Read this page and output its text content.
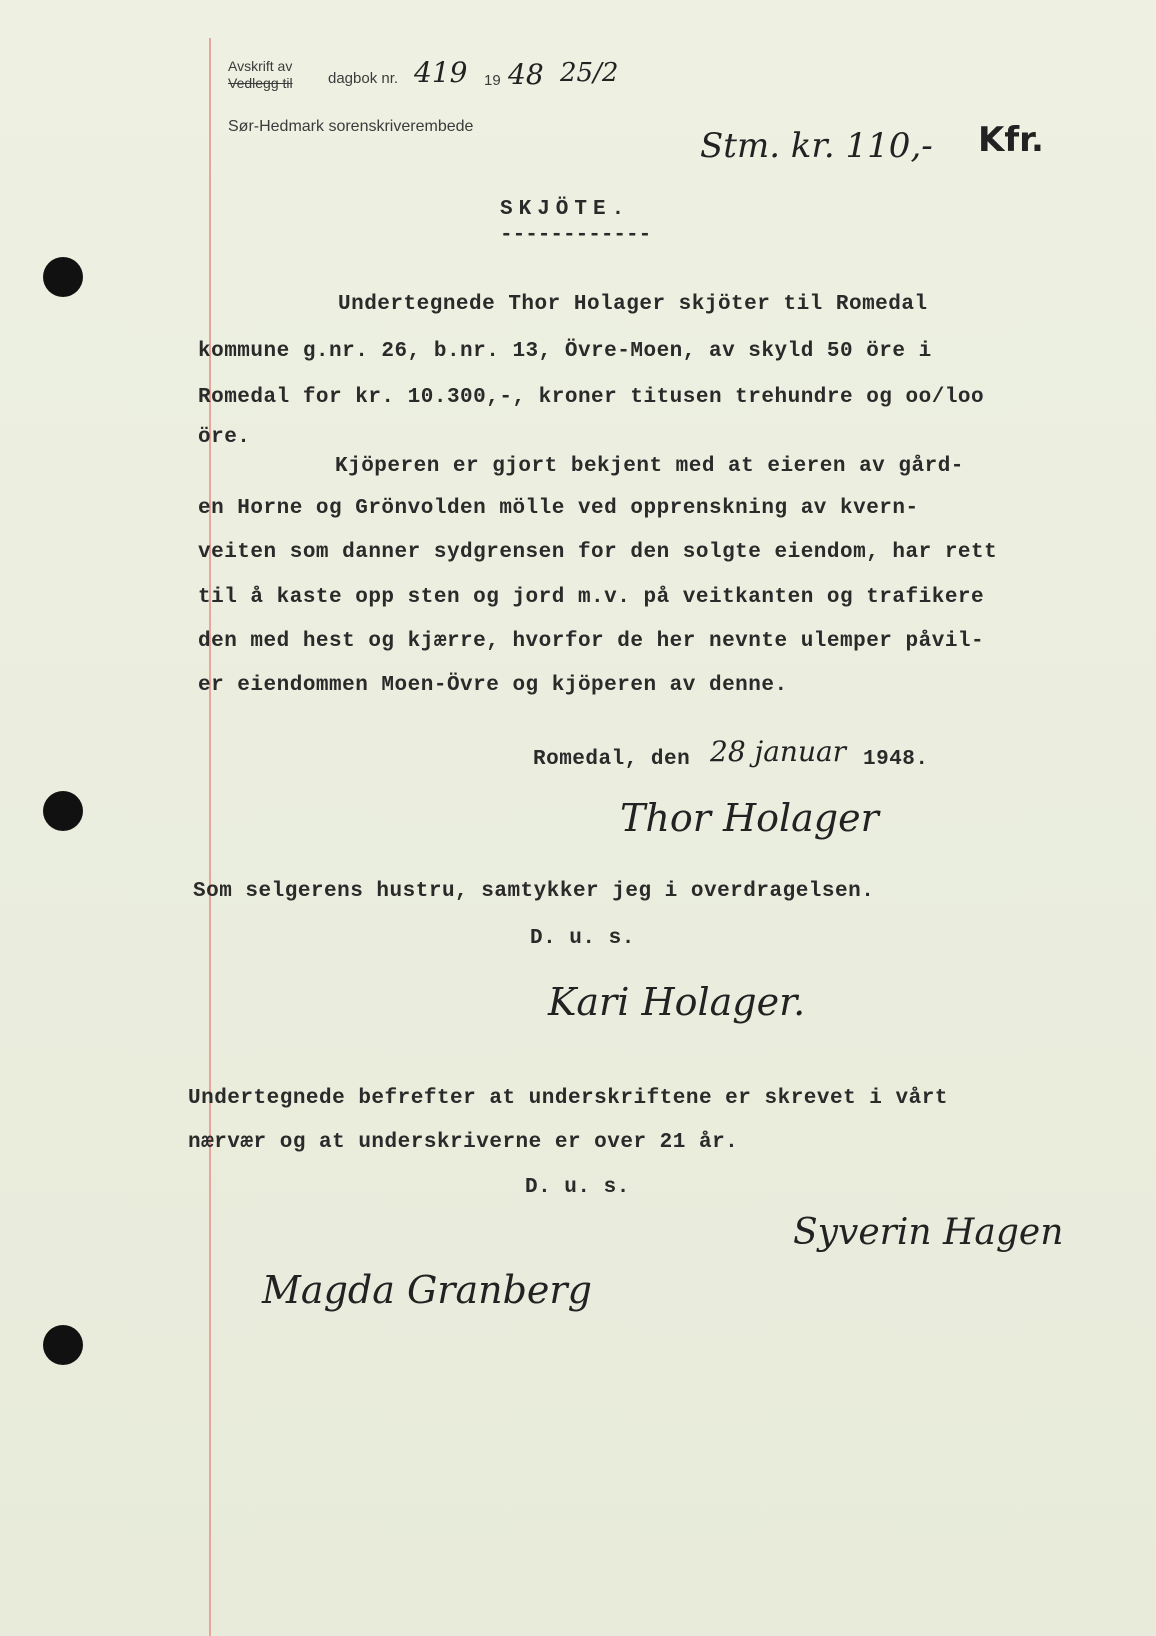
Avskrift av
Vedlegg til dagbok nr. 419 19 48 25/2
Sør-Hedmark sorenskriverembede	Stm. kr. 110,- Kfr.
SKJÖTE.
------------
Undertegnede Thor Holager skjöter til Romedal
kommune g.nr. 26, b.nr. 13, Övre-Moen, av skyld 50 öre i
Romedal for kr. 10.300,-, kroner titusen trehundre og oo/loo
öre.
Kjöperen er gjort bekjent med at eieren av gård-
en Horne og Grönvolden mölle ved opprenskning av kvern-
veiten som danner sydgrensen for den solgte eiendom, har rett
til å kaste opp sten og jord m.v. på veitkanten og trafikere
den med hest og kjærre, hvorfor de her nevnte ulemper påvil-
er eiendommen Moen-Övre og kjöperen av denne.
Romedal, den 28 januar 1948.
Thor Holager
Som selgerens hustru, samtykker jeg i overdragelsen.
D. u. s.
Kari Holager.
Undertegnede befrefter at underskriftene er skrevet i vårt
nærvær og at underskriverne er over 21 år.
D. u. s.
Syverin Hagen
Magda Granberg
